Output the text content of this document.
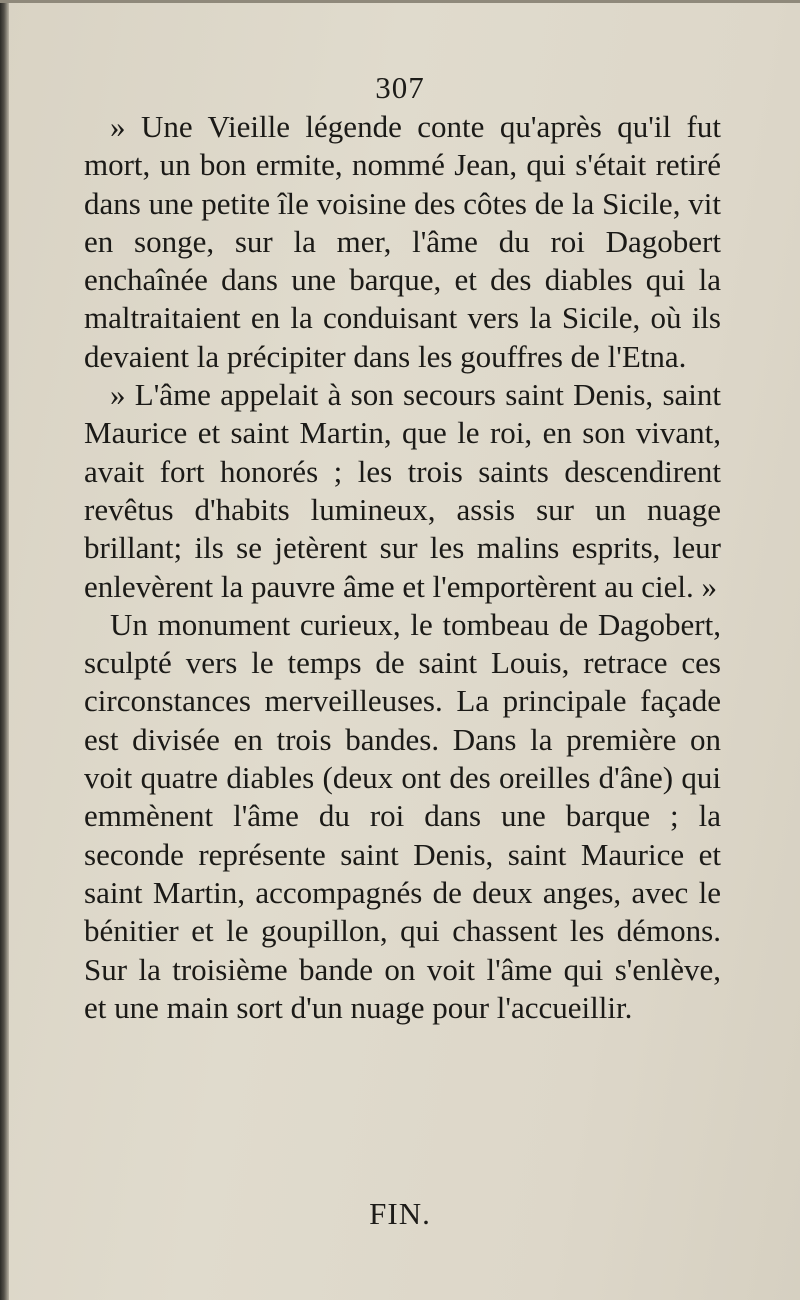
307

» Une Vieille légende conte qu'après qu'il fut mort, un bon ermite, nommé Jean, qui s'était retiré dans une petite île voisine des côtes de la Sicile, vit en songe, sur la mer, l'âme du roi Dagobert enchaînée dans une barque, et des diables qui la maltraitaient en la conduisant vers la Sicile, où ils devaient la précipiter dans les gouffres de l'Etna.

» L'âme appelait à son secours saint Denis, saint Maurice et saint Martin, que le roi, en son vivant, avait fort honorés ; les trois saints descendirent revêtus d'habits lumineux, assis sur un nuage brillant; ils se jetèrent sur les malins esprits, leur enlevèrent la pauvre âme et l'emportèrent au ciel. »

Un monument curieux, le tombeau de Dagobert, sculpté vers le temps de saint Louis, retrace ces circonstances merveilleuses. La principale façade est divisée en trois bandes. Dans la première on voit quatre diables (deux ont des oreilles d'âne) qui emmènent l'âme du roi dans une barque ; la seconde représente saint Denis, saint Maurice et saint Martin, accompagnés de deux anges, avec le bénitier et le goupillon, qui chassent les démons. Sur la troisième bande on voit l'âme qui s'enlève, et une main sort d'un nuage pour l'accueillir.

FIN.
